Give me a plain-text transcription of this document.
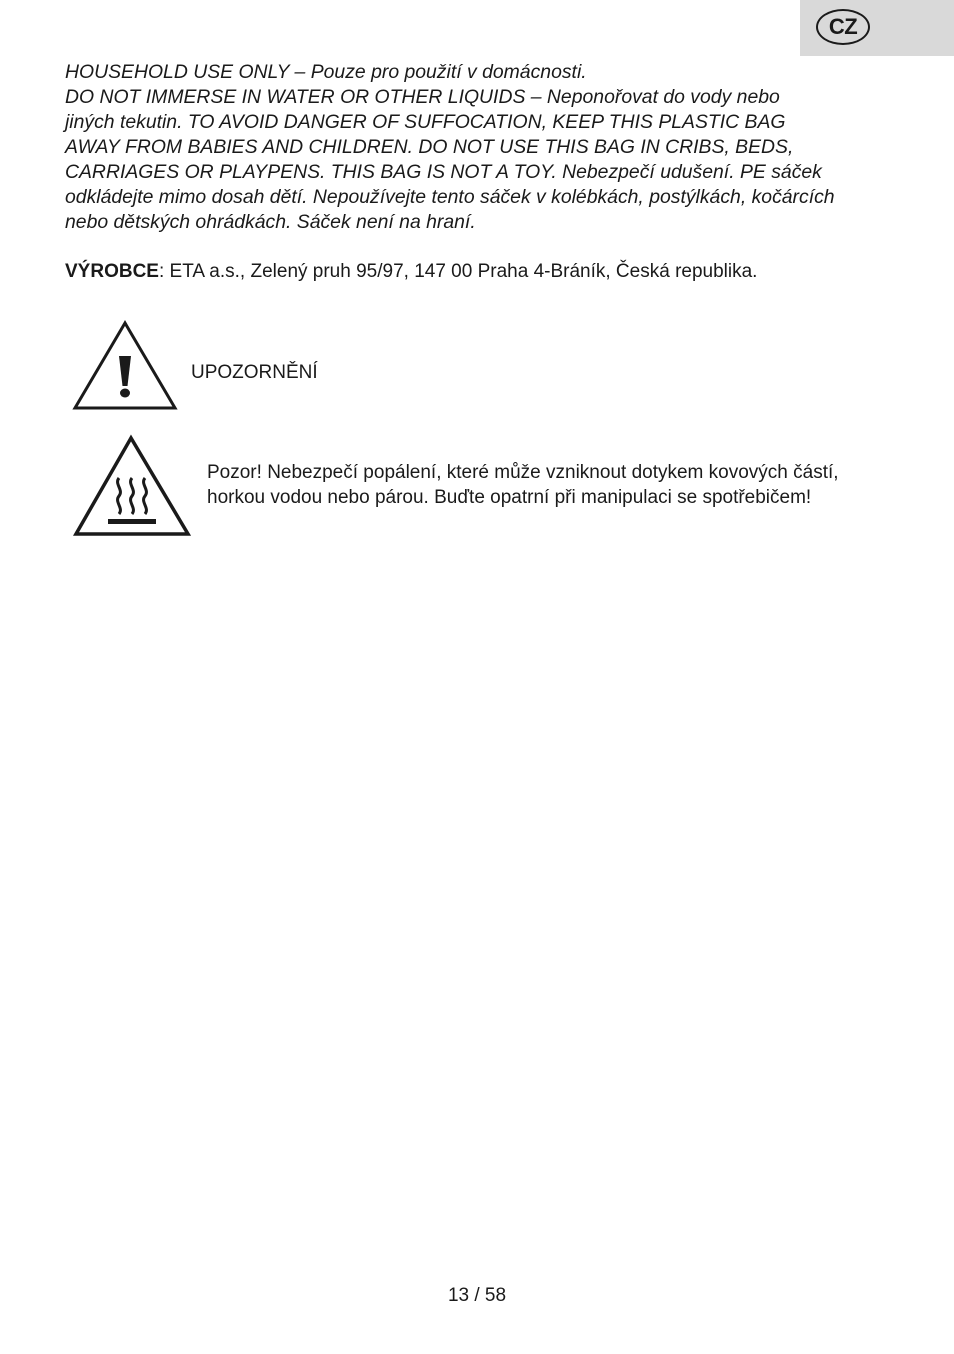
CZ

HOUSEHOLD USE ONLY – Pouze pro použití v domácnosti.
DO NOT IMMERSE IN WATER OR OTHER LIQUIDS – Neponořovat do vody nebo
jiných tekutin. TO AVOID DANGER OF SUFFOCATION, KEEP THIS PLASTIC BAG
AWAY FROM BABIES AND CHILDREN. DO NOT USE THIS BAG IN CRIBS, BEDS,
CARRIAGES OR PLAYPENS. THIS BAG IS NOT A TOY. Nebezpečí udušení. PE sáček
odkládejte mimo dosah dětí. Nepoužívejte tento sáček v kolébkách, postýlkách, kočárcích
nebo dětských ohrádkách. Sáček není na hraní.

VÝROBCE: ETA a.s., Zelený pruh 95/97, 147 00 Praha 4-Bráník, Česká republika.

UPOZORNĚNÍ

Pozor! Nebezpečí popálení, které může vzniknout dotykem kovových částí,
horkou vodou nebo párou. Buďte opatrní při manipulaci se spotřebičem!

13 / 58
